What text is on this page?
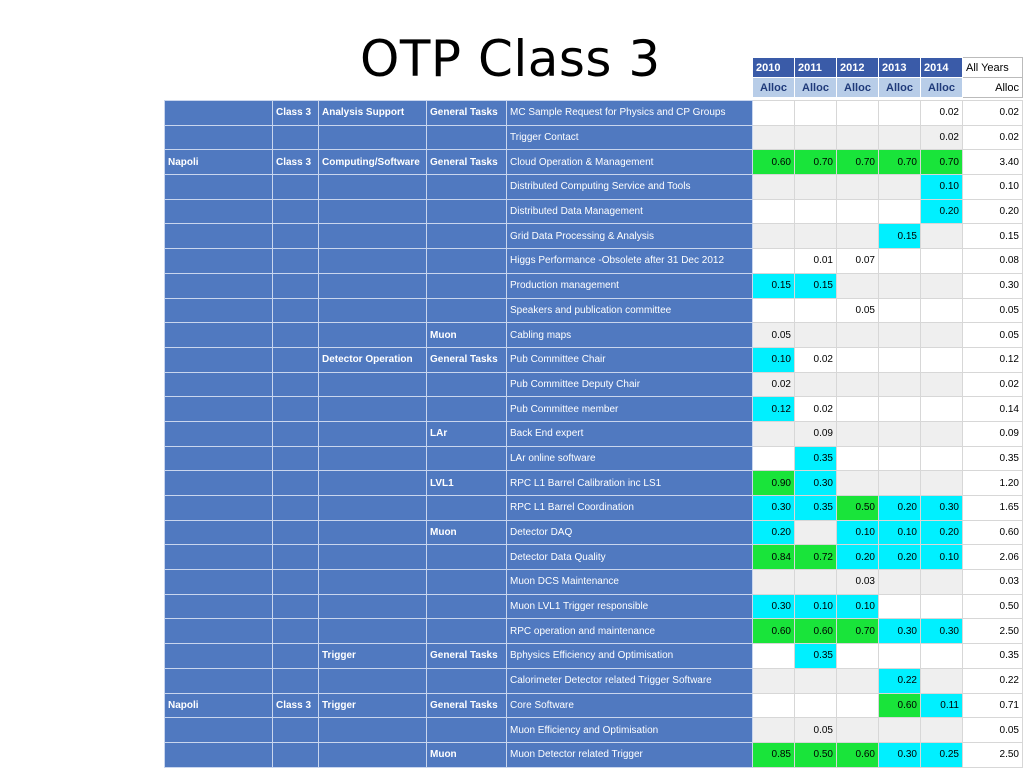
OTP Class 3	2010	2011	2012	2013	2014	All Years
Alloc	Alloc	Alloc	Alloc	Alloc	Alloc
	Class 3	Analysis Support	General Tasks	MC Sample Request for Physics and CP Groups					0.02	0.02
				Trigger Contact					0.02	0.02
Napoli	Class 3	Computing/Software	General Tasks	Cloud Operation & Management	0.60	0.70	0.70	0.70	0.70	3.40
				Distributed Computing Service and Tools					0.10	0.10
				Distributed Data Management					0.20	0.20
				Grid Data Processing & Analysis				0.15		0.15
				Higgs Performance -Obsolete after 31 Dec 2012		0.01	0.07			0.08
				Production management	0.15	0.15				0.30
				Speakers and publication committee			0.05			0.05
			Muon	Cabling maps	0.05					0.05
		Detector Operation	General Tasks	Pub Committee Chair	0.10	0.02				0.12
				Pub Committee Deputy Chair	0.02					0.02
				Pub Committee member	0.12	0.02				0.14
			LAr	Back End expert		0.09				0.09
				LAr online software		0.35				0.35
			LVL1	RPC L1 Barrel Calibration inc LS1	0.90	0.30				1.20
				RPC L1 Barrel Coordination	0.30	0.35	0.50	0.20	0.30	1.65
			Muon	Detector DAQ	0.20		0.10	0.10	0.20	0.60
				Detector Data Quality	0.84	0.72	0.20	0.20	0.10	2.06
				Muon DCS Maintenance			0.03			0.03
				Muon LVL1 Trigger responsible	0.30	0.10	0.10			0.50
				RPC operation and maintenance	0.60	0.60	0.70	0.30	0.30	2.50
		Trigger	General Tasks	Bphysics Efficiency and Optimisation		0.35				0.35
				Calorimeter Detector related Trigger Software				0.22		0.22
Napoli	Class 3	Trigger	General Tasks	Core Software				0.60	0.11	0.71
				Muon Efficiency and Optimisation		0.05				0.05
			Muon	Muon Detector related Trigger	0.85	0.50	0.60	0.30	0.25	2.50
